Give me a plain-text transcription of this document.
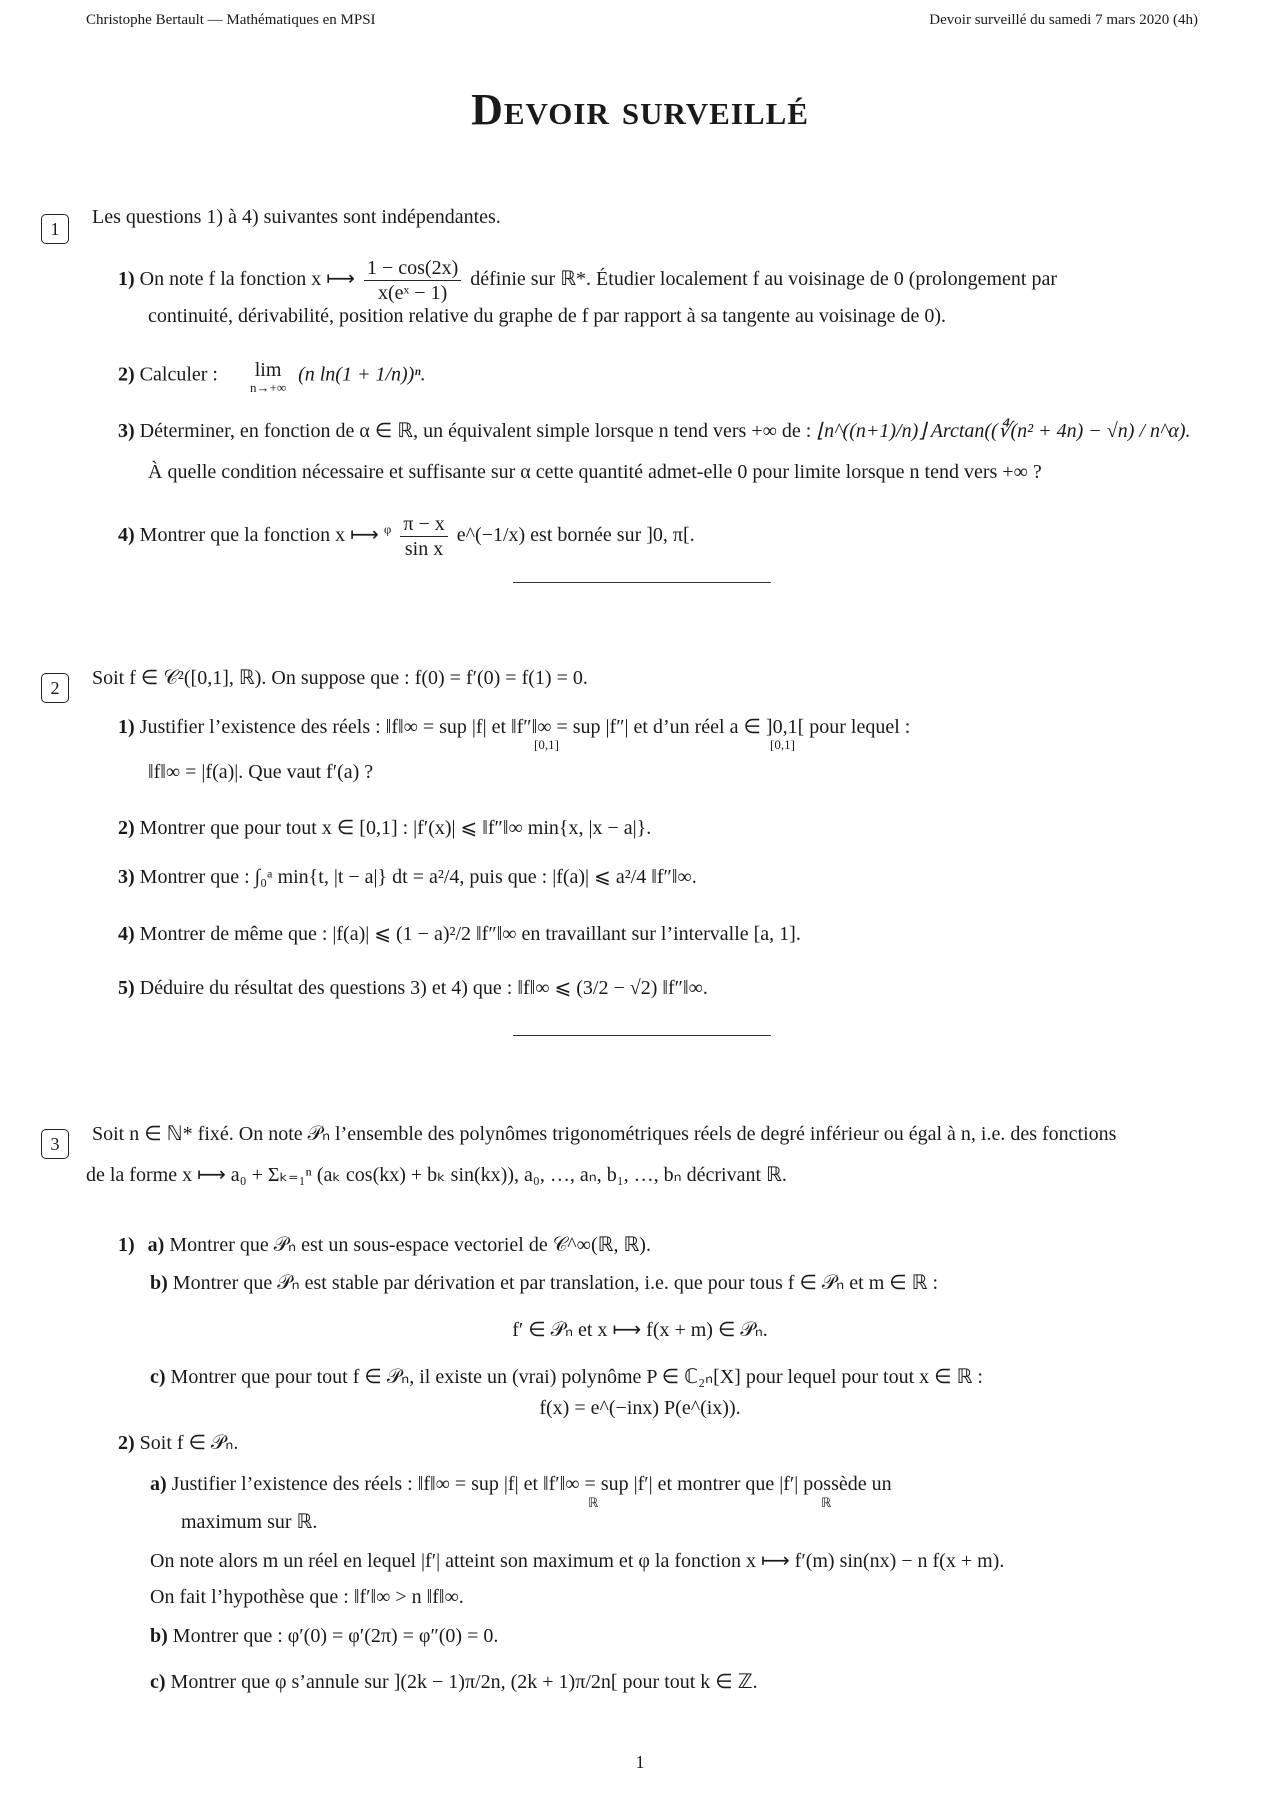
Christophe Bertault — Mathématiques en MPSI	Devoir surveillé du samedi 7 mars 2020 (4h)
Devoir surveillé
1
Les questions 1) à 4) suivantes sont indépendantes.
1) On note f la fonction x ⟼ $\frac{1 - \cos(2x)}{\text{x(eˣ − 1)}}$ définie sur ℝ*. Étudier localement f au voisinage de 0 (prolongement par
continuité, dérivabilité, position relative du graphe de f par rapport à sa tangente au voisinage de 0).
2) Calculer :	lim
n→+∞
(n ln(1 + 1/n))ⁿ.
3) Déterminer, en fonction de α ∈ ℝ, un équivalent simple lorsque n tend vers +∞ de : ⌊n^((n+1)/n)⌋ Arctan((∜(n² + 4n) − √n) / n^α).
À quelle condition nécessaire et suffisante sur α cette quantité admet-elle 0 pour limite lorsque n tend vers +∞ ?
4) Montrer que la fonction x ⟼ $^\varphi \frac{\pi - x}{\text{sin x}}$ e^(−1/x) est bornée sur ]0, π[.
2	Soit f ∈ 𝒞²([0,1], ℝ). On suppose que : f(0) = f′(0) = f(1) = 0.
1) Justifier l’existence des réels : ‖f‖∞ = sup |f| et ‖f″‖∞ = sup |f″| et d’un réel a ∈ ]0,1[ pour lequel :
[0,1]	[0,1]
‖f‖∞ = |f(a)|. Que vaut f′(a) ?
2) Montrer que pour tout x ∈ [0,1] : |f′(x)| ⩽ ‖f″‖∞ min{x, |x − a|}.
3) Montrer que : ∫₀ᵃ min{t, |t − a|} dt = a²/4, puis que : |f(a)| ⩽ a²/4 ‖f″‖∞.
4) Montrer de même que : |f(a)| ⩽ (1 − a)²/2 ‖f″‖∞ en travaillant sur l’intervalle [a, 1].
5) Déduire du résultat des questions 3) et 4) que : ‖f‖∞ ⩽ (3/2 − √2) ‖f″‖∞.
3	Soit n ∈ ℕ* fixé. On note 𝒫ₙ l’ensemble des polynômes trigonométriques réels de degré inférieur ou égal à n, i.e. des fonctions
de la forme x ⟼ a₀ + Σₖ₌₁ⁿ (aₖ cos(kx) + bₖ sin(kx)), a₀, …, aₙ, b₁, …, bₙ décrivant ℝ.
1) a) Montrer que 𝒫ₙ est un sous-espace vectoriel de 𝒞^∞(ℝ, ℝ).
b) Montrer que 𝒫ₙ est stable par dérivation et par translation, i.e. que pour tous f ∈ 𝒫ₙ et m ∈ ℝ :
f′ ∈ 𝒫ₙ et x ⟼ f(x + m) ∈ 𝒫ₙ.
c) Montrer que pour tout f ∈ 𝒫ₙ, il existe un (vrai) polynôme P ∈ ℂ₂ₙ[X] pour lequel pour tout x ∈ ℝ :
f(x) = e^(−inx) P(e^(ix)).
2) Soit f ∈ 𝒫ₙ.
a) Justifier l’existence des réels : ‖f‖∞ = sup |f| et ‖f′‖∞ = sup |f′| et montrer que |f′| possède un
ℝ	ℝ
maximum sur ℝ.
On note alors m un réel en lequel |f′| atteint son maximum et φ la fonction x ⟼ f′(m) sin(nx) − n f(x + m).
On fait l’hypothèse que : ‖f′‖∞ > n ‖f‖∞.
b) Montrer que : φ′(0) = φ′(2π) = φ″(0) = 0.
c) Montrer que φ s’annule sur ](2k − 1)π/2n, (2k + 1)π/2n[ pour tout k ∈ ℤ.
1
